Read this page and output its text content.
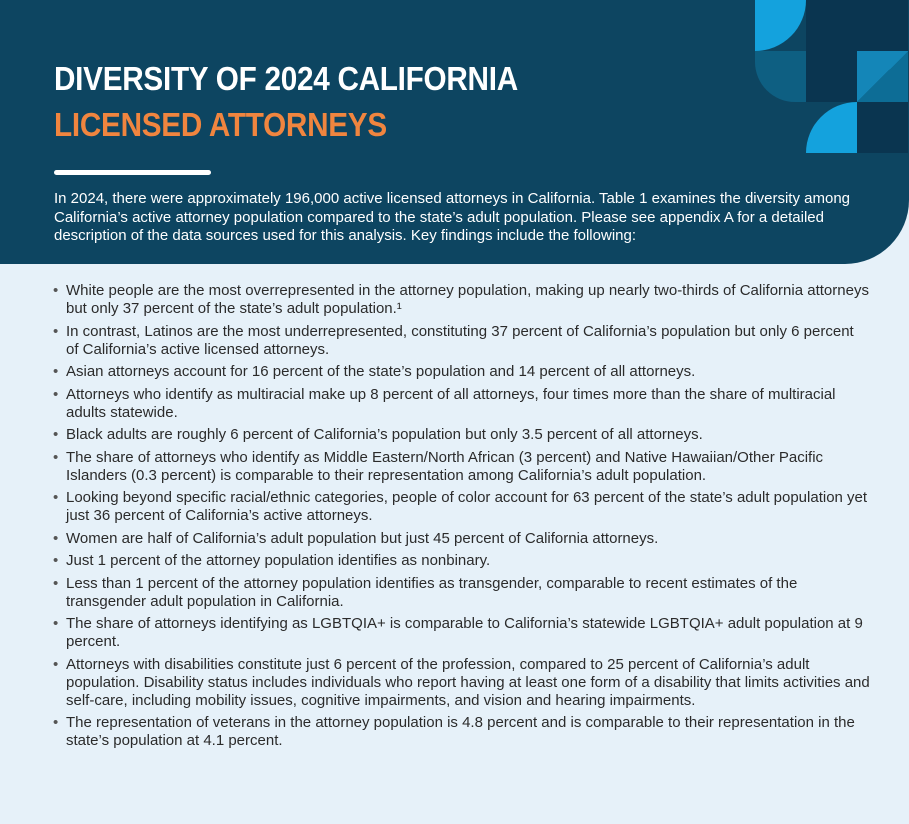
DIVERSITY OF 2024 CALIFORNIA
LICENSED ATTORNEYS

In 2024, there were approximately 196,000 active licensed attorneys in California. Table 1 examines the diversity among California’s active attorney population compared to the state’s adult population. Please see appendix A for a detailed description of the data sources used for this analysis. Key findings include the following:

• White people are the most overrepresented in the attorney population, making up nearly two-thirds of California attorneys but only 37 percent of the state’s adult population.¹
• In contrast, Latinos are the most underrepresented, constituting 37 percent of California’s population but only 6 percent of California’s active licensed attorneys.
• Asian attorneys account for 16 percent of the state’s population and 14 percent of all attorneys.
• Attorneys who identify as multiracial make up 8 percent of all attorneys, four times more than the share of multiracial adults statewide.
• Black adults are roughly 6 percent of California’s population but only 3.5 percent of all attorneys.
• The share of attorneys who identify as Middle Eastern/North African (3 percent) and Native Hawaiian/Other Pacific Islanders (0.3 percent) is comparable to their representation among California’s adult population.
• Looking beyond specific racial/ethnic categories, people of color account for 63 percent of the state’s adult population yet just 36 percent of California’s active attorneys.
• Women are half of California’s adult population but just 45 percent of California attorneys.
• Just 1 percent of the attorney population identifies as nonbinary.
• Less than 1 percent of the attorney population identifies as transgender, comparable to recent estimates of the transgender adult population in California.
• The share of attorneys identifying as LGBTQIA+ is comparable to California’s statewide LGBTQIA+ adult population at 9 percent.
• Attorneys with disabilities constitute just 6 percent of the profession, compared to 25 percent of California’s adult population. Disability status includes individuals who report having at least one form of a disability that limits activities and self-care, including mobility issues, cognitive impairments, and vision and hearing impairments.
• The representation of veterans in the attorney population is 4.8 percent and is comparable to their representation in the state’s population at 4.1 percent.
